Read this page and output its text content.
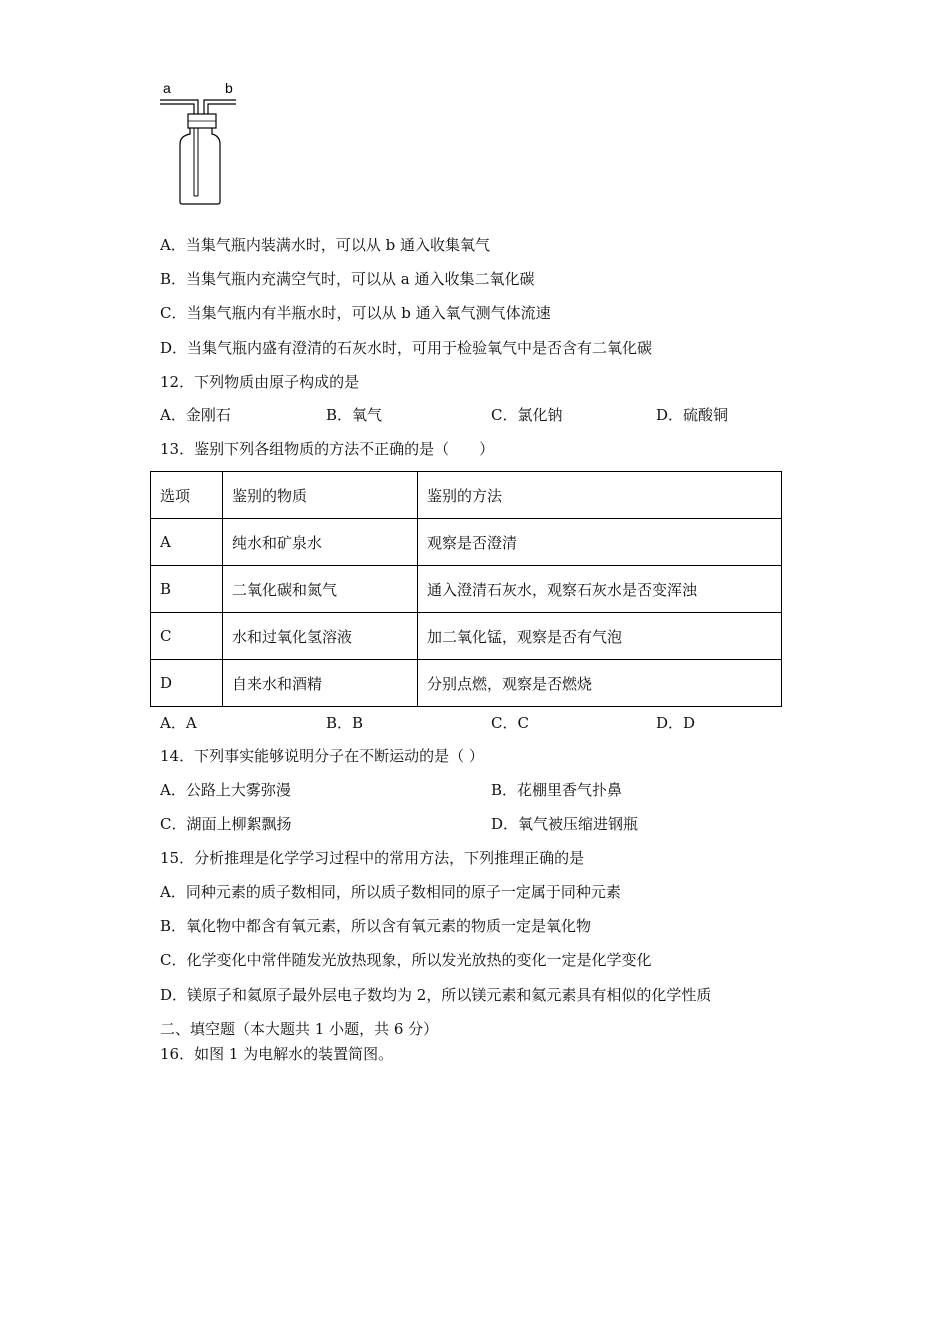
a	b
A．当集气瓶内装满水时，可以从 b 通入收集氧气
B．当集气瓶内充满空气时，可以从 a 通入收集二氧化碳
C．当集气瓶内有半瓶水时，可以从 b 通入氧气测气体流速
D．当集气瓶内盛有澄清的石灰水时，可用于检验氧气中是否含有二氧化碳
12．下列物质由原子构成的是
A．金刚石	B．氧气	C．氯化钠	D．硫酸铜
13．鉴别下列各组物质的方法不正确的是（　　）
选项	鉴别的物质	鉴别的方法
A	纯水和矿泉水	观察是否澄清
B	二氧化碳和氮气	通入澄清石灰水，观察石灰水是否变浑浊
C	水和过氧化氢溶液	加二氧化锰，观察是否有气泡
D	自来水和酒精	分别点燃，观察是否燃烧
A．A	B．B	C．C	D．D
14．下列事实能够说明分子在不断运动的是（ ）
A．公路上大雾弥漫	B．花棚里香气扑鼻
C．湖面上柳絮飘扬	D．氧气被压缩进钢瓶
15．分析推理是化学学习过程中的常用方法，下列推理正确的是
A．同种元素的质子数相同，所以质子数相同的原子一定属于同种元素
B．氧化物中都含有氧元素，所以含有氧元素的物质一定是氧化物
C．化学变化中常伴随发光放热现象，所以发光放热的变化一定是化学变化
D．镁原子和氦原子最外层电子数均为 2，所以镁元素和氦元素具有相似的化学性质
二、填空题（本大题共 1 小题，共 6 分）
16．如图 1 为电解水的装置简图。
